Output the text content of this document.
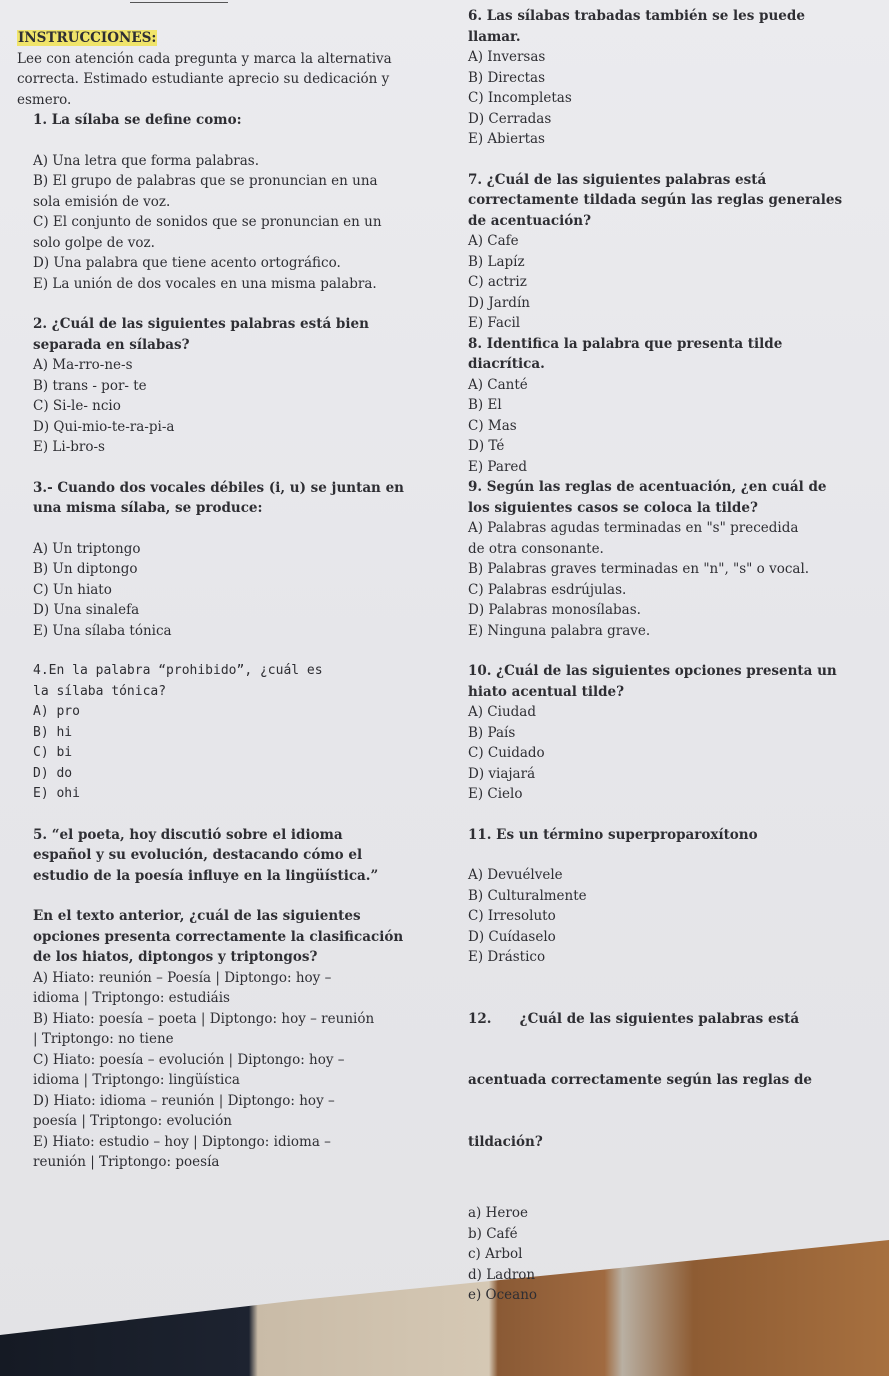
INSTRUCCIONES:
Lee con atención cada pregunta y marca la alternativa
correcta. Estimado estudiante aprecio su dedicación y
esmero.
1. La sílaba se define como:
A) Una letra que forma palabras.
B) El grupo de palabras que se pronuncian en una
sola emisión de voz.
C) El conjunto de sonidos que se pronuncian en un
solo golpe de voz.
D) Una palabra que tiene acento ortográfico.
E) La unión de dos vocales en una misma palabra.
2. ¿Cuál de las siguientes palabras está bien
separada en sílabas?
A) Ma-rro-ne-s
B) trans - por- te
C) Si-le- ncio
D) Qui-mio-te-ra-pi-a
E) Li-bro-s
3.- Cuando dos vocales débiles (i, u) se juntan en
una misma sílaba, se produce:
A) Un triptongo
B) Un diptongo
C) Un hiato
D) Una sinalefa
E) Una sílaba tónica
4.En la palabra “prohibido”, ¿cuál es
la sílaba tónica?
A) pro
B) hi
C) bi
D) do
E) ohi
5. “el poeta, hoy discutió sobre el idioma
español y su evolución, destacando cómo el
estudio de la poesía influye en la lingüística.”
En el texto anterior, ¿cuál de las siguientes
opciones presenta correctamente la clasificación
de los hiatos, diptongos y triptongos?
A) Hiato: reunión – Poesía | Diptongo: hoy –
idioma | Triptongo: estudiáis
B) Hiato: poesía – poeta | Diptongo: hoy – reunión
| Triptongo: no tiene
C) Hiato: poesía – evolución | Diptongo: hoy –
idioma | Triptongo: lingüística
D) Hiato: idioma – reunión | Diptongo: hoy –
poesía | Triptongo: evolución
E) Hiato: estudio – hoy | Diptongo: idioma –
reunión | Triptongo: poesía
6. Las sílabas trabadas también se les puede
llamar.
A) Inversas
B) Directas
C) Incompletas
D) Cerradas
E) Abiertas
7. ¿Cuál de las siguientes palabras está
correctamente tildada según las reglas generales
de acentuación?
A) Cafe
B) Lapíz
C) actriz
D) Jardín
E) Facil
8. Identifica la palabra que presenta tilde
diacrítica.
A) Canté
B) El
C) Mas
D) Té
E) Pared
9. Según las reglas de acentuación, ¿en cuál de
los siguientes casos se coloca la tilde?
A) Palabras agudas terminadas en "s" precedida
de otra consonante.
B) Palabras graves terminadas en "n", "s" o vocal.
C) Palabras esdrújulas.
D) Palabras monosílabas.
E) Ninguna palabra grave.
10. ¿Cuál de las siguientes opciones presenta un
hiato acentual tilde?
A) Ciudad
B) País
C) Cuidado
D) viajará
E) Cielo
11. Es un término superproparoxítono
A) Devuélvele
B) Culturalmente
C) Irresoluto
D) Cuídaselo
E) Drástico

12.      ¿Cuál de las siguientes palabras está

acentuada correctamente según las reglas de

tildación?

a) Heroe
b) Café
c) Arbol
d) Ladron
e) Oceano
